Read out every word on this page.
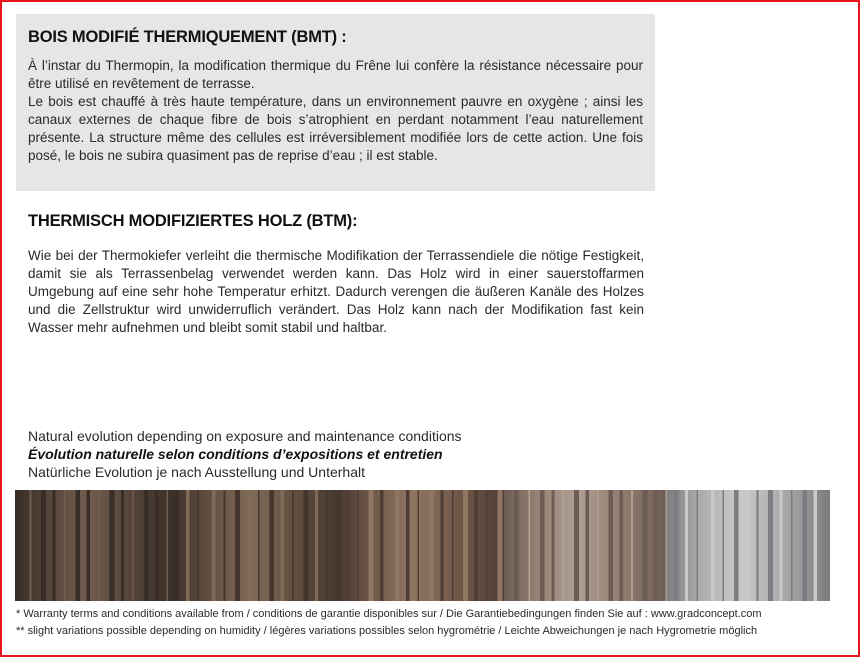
BOIS MODIFIÉ THERMIQUEMENT (BMT) :

À l’instar du Thermopin, la modification thermique du Frêne lui confère la résistance nécessaire pour être utilisé en revêtement de terrasse.

Le bois est chauffé à très haute température, dans un environnement pauvre en oxygène ; ainsi les canaux externes de chaque fibre de bois s’atrophient en perdant notamment l’eau naturellement présente. La structure même des cellules est irréversiblement modifiée lors de cette action. Une fois posé, le bois ne subira quasiment pas de reprise d’eau ; il est stable.

THERMISCH MODIFIZIERTES HOLZ (BTM):

Wie bei der Thermokiefer verleiht die thermische Modifikation der Terrassendiele die nötige Festigkeit, damit sie als Terrassenbelag verwendet werden kann. Das Holz wird in einer sauerstoffarmen Umgebung auf eine sehr hohe Temperatur erhitzt. Dadurch verengen die äußeren Kanäle des Holzes und die Zellstruktur wird unwiderruflich verändert. Das Holz kann nach der Modifikation fast kein Wasser mehr aufnehmen und bleibt somit stabil und haltbar.

Natural evolution depending on exposure and maintenance conditions
Évolution naturelle selon conditions d’expositions et entretien
Natürliche Evolution je nach Ausstellung und Unterhalt
* Warranty terms and conditions available from / conditions de garantie disponibles sur / Die Garantiebedingungen finden Sie auf : www.gradconcept.com
** slight variations possible depending on humidity / légères variations possibles selon hygrométrie / Leichte Abweichungen je nach Hygrometrie möglich
